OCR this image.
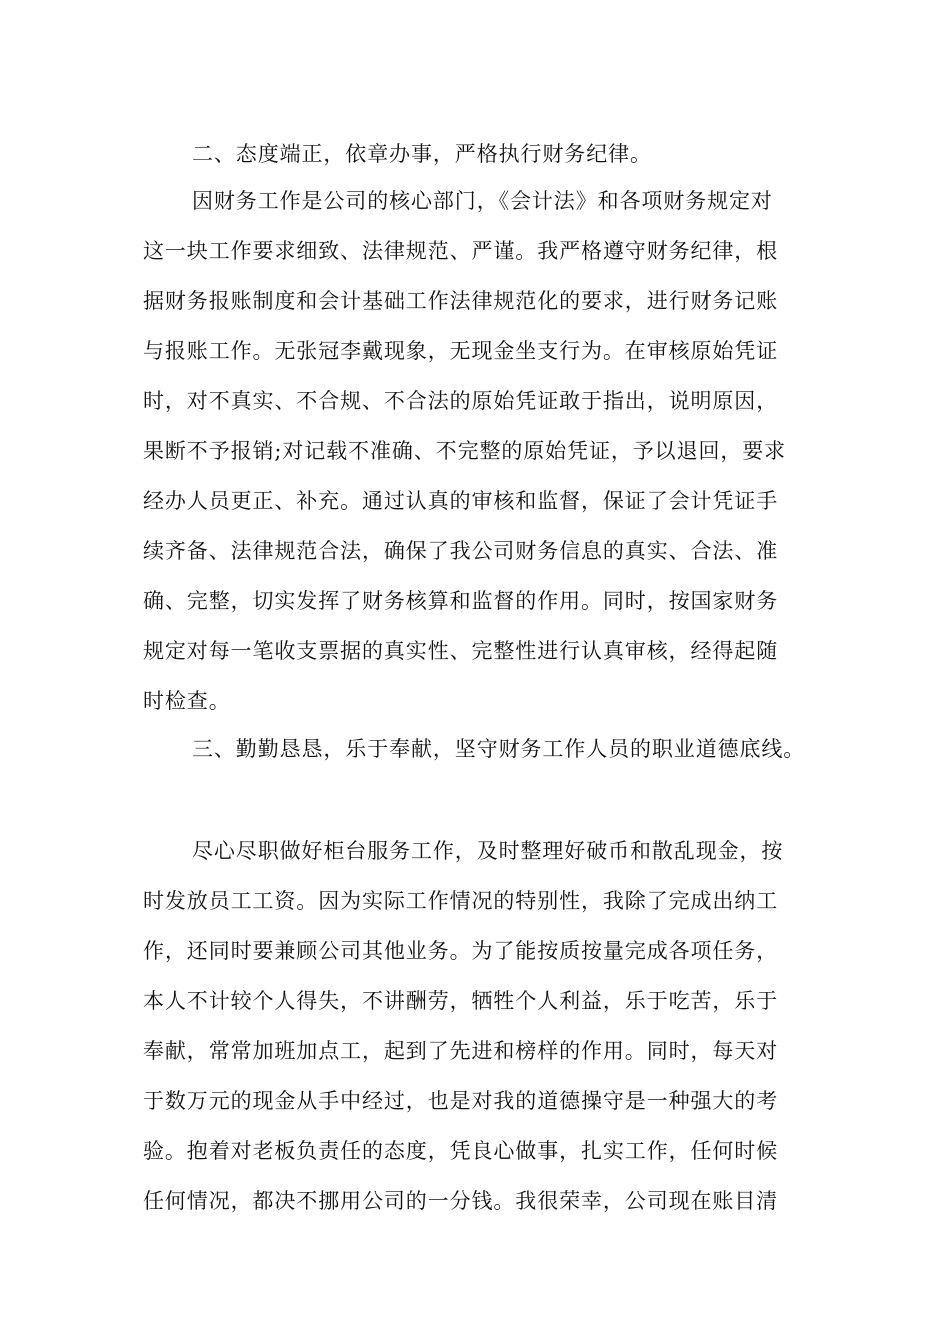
二、态度端正，依章办事，严格执行财务纪律。

因财务工作是公司的核心部门，《会计法》和各项财务规定对

这一块工作要求细致、法律规范、严谨。我严格遵守财务纪律，根

据财务报账制度和会计基础工作法律规范化的要求，进行财务记账

与报账工作。无张冠李戴现象，无现金坐支行为。在审核原始凭证

时，对不真实、不合规、不合法的原始凭证敢于指出，说明原因，

果断不予报销;对记载不准确、不完整的原始凭证，予以退回，要求

经办人员更正、补充。通过认真的审核和监督，保证了会计凭证手

续齐备、法律规范合法，确保了我公司财务信息的真实、合法、准

确、完整，切实发挥了财务核算和监督的作用。同时，按国家财务

规定对每一笔收支票据的真实性、完整性进行认真审核，经得起随

时检查。

三、勤勤恳恳，乐于奉献，坚守财务工作人员的职业道德底线。

尽心尽职做好柜台服务工作，及时整理好破币和散乱现金，按

时发放员工工资。因为实际工作情况的特别性，我除了完成出纳工

作，还同时要兼顾公司其他业务。为了能按质按量完成各项任务，

本人不计较个人得失，不讲酬劳，牺牲个人利益，乐于吃苦，乐于

奉献，常常加班加点工，起到了先进和榜样的作用。同时，每天对

于数万元的现金从手中经过，也是对我的道德操守是一种强大的考

验。抱着对老板负责任的态度，凭良心做事，扎实工作，任何时候

任何情况，都决不挪用公司的一分钱。我很荣幸，公司现在账目清
